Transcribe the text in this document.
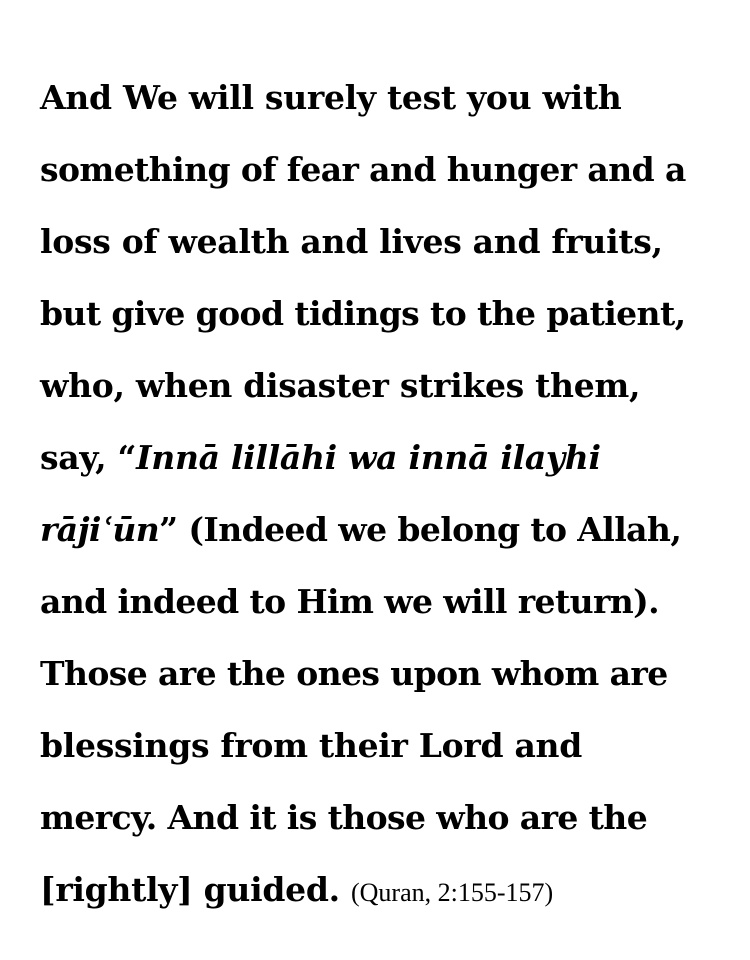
And We will surely test you with
something of fear and hunger and a
loss of wealth and lives and fruits,
but give good tidings to the patient,
who, when disaster strikes them,
say, “Innā lillāhi wa innā ilayhi
rājiʿūn” (Indeed we belong to Allah,
and indeed to Him we will return).
Those are the ones upon whom are
blessings from their Lord and
mercy. And it is those who are the
[rightly] guided. (Quran, 2:155-157)
